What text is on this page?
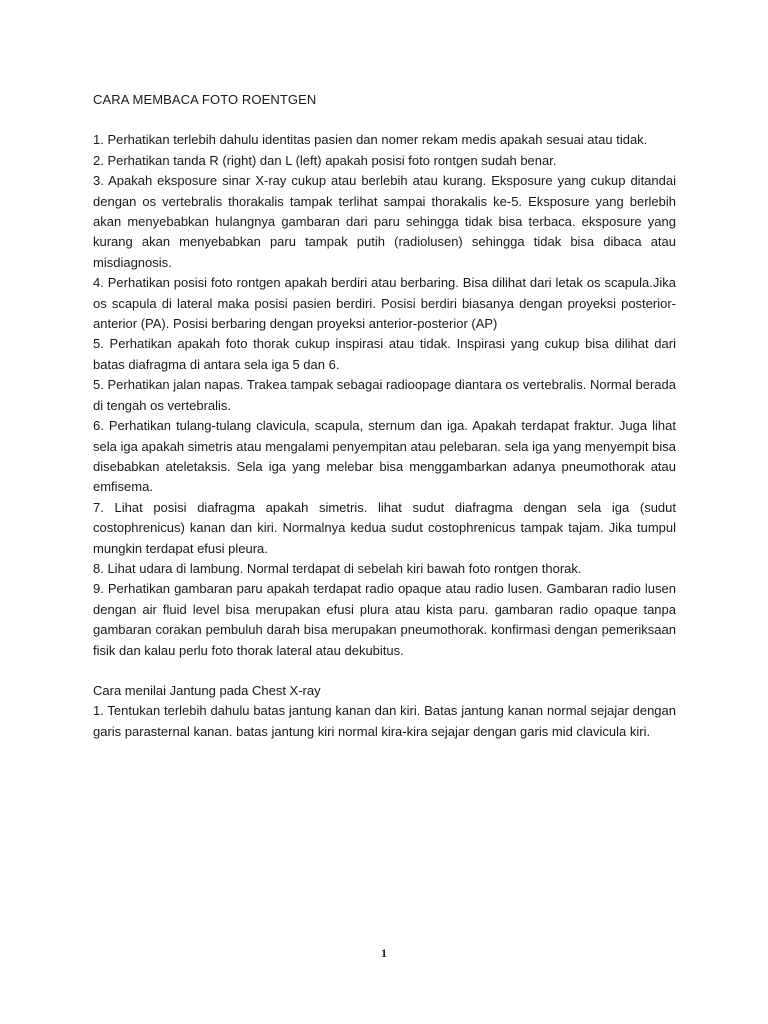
CARA MEMBACA FOTO ROENTGEN

1. Perhatikan terlebih dahulu identitas pasien dan nomer rekam medis apakah sesuai atau tidak.

2. Perhatikan tanda R (right) dan L (left) apakah posisi foto rontgen sudah benar.

3. Apakah eksposure sinar X-ray cukup atau berlebih atau kurang. Eksposure yang cukup ditandai dengan os vertebralis thorakalis tampak terlihat sampai thorakalis ke-5. Eksposure yang berlebih akan menyebabkan hulangnya gambaran dari paru sehingga tidak bisa terbaca. eksposure yang kurang akan menyebabkan paru tampak putih (radiolusen) sehingga tidak bisa dibaca atau misdiagnosis.

4. Perhatikan posisi foto rontgen apakah berdiri atau berbaring. Bisa dilihat dari letak os scapula.Jika os scapula di lateral maka posisi pasien berdiri. Posisi berdiri biasanya dengan proyeksi posterior-anterior (PA). Posisi berbaring dengan proyeksi anterior-posterior (AP)

5. Perhatikan apakah foto thorak cukup inspirasi atau tidak. Inspirasi yang cukup bisa dilihat dari batas diafragma di antara sela iga 5 dan 6.

5. Perhatikan jalan napas. Trakea tampak sebagai radioopage diantara os vertebralis. Normal berada di tengah os vertebralis.

6. Perhatikan tulang-tulang clavicula, scapula, sternum dan iga. Apakah terdapat fraktur. Juga lihat sela iga apakah simetris atau mengalami penyempitan atau pelebaran. sela iga yang menyempit bisa disebabkan ateletaksis. Sela iga yang melebar bisa menggambarkan adanya pneumothorak atau emfisema.

7. Lihat posisi diafragma apakah simetris. lihat sudut diafragma dengan sela iga (sudut costophrenicus) kanan dan kiri. Normalnya kedua sudut costophrenicus tampak tajam. Jika tumpul mungkin terdapat efusi pleura.

8. Lihat udara di lambung. Normal terdapat di sebelah kiri bawah foto rontgen thorak.

9. Perhatikan gambaran paru apakah terdapat radio opaque atau radio lusen. Gambaran radio lusen dengan air fluid level bisa merupakan efusi plura atau kista paru. gambaran radio opaque tanpa gambaran corakan pembuluh darah bisa merupakan pneumothorak. konfirmasi dengan pemeriksaan fisik dan kalau perlu foto thorak lateral atau dekubitus.

Cara menilai Jantung pada Chest X-ray

1. Tentukan terlebih dahulu batas jantung kanan dan kiri. Batas jantung kanan normal sejajar dengan garis parasternal kanan. batas jantung kiri normal kira-kira sejajar dengan garis mid clavicula kiri.

1
